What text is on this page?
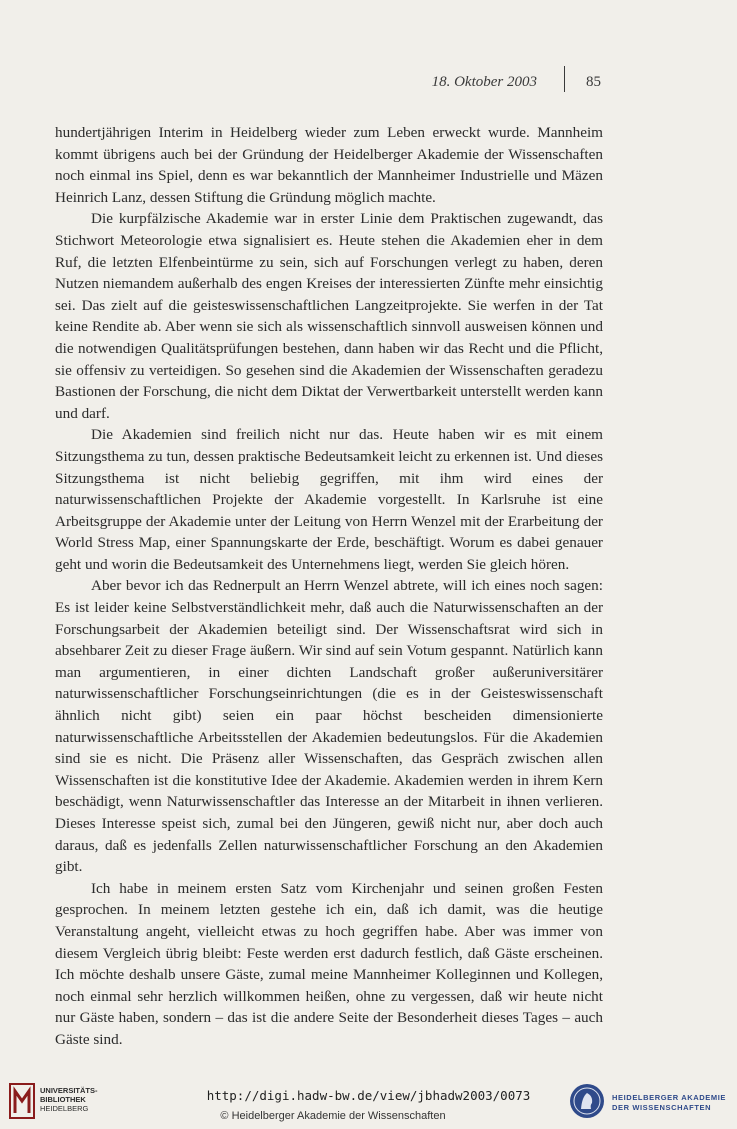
18. Oktober 2003	85

hundertjährigen Interim in Heidelberg wieder zum Leben erweckt wurde. Mannheim kommt übrigens auch bei der Gründung der Heidelberger Akademie der Wissenschaften noch einmal ins Spiel, denn es war bekanntlich der Mannheimer Industrielle und Mäzen Heinrich Lanz, dessen Stiftung die Gründung möglich machte.

Die kurpfälzische Akademie war in erster Linie dem Praktischen zugewandt, das Stichwort Meteorologie etwa signalisiert es. Heute stehen die Akademien eher in dem Ruf, die letzten Elfenbeintürme zu sein, sich auf Forschungen verlegt zu haben, deren Nutzen niemandem außerhalb des engen Kreises der interessierten Zünfte mehr einsichtig sei. Das zielt auf die geisteswissenschaftlichen Langzeitprojekte. Sie werfen in der Tat keine Rendite ab. Aber wenn sie sich als wissenschaftlich sinnvoll ausweisen können und die notwendigen Qualitätsprüfungen bestehen, dann haben wir das Recht und die Pflicht, sie offensiv zu verteidigen. So gesehen sind die Akademien der Wissenschaften geradezu Bastionen der Forschung, die nicht dem Diktat der Verwertbarkeit unterstellt werden kann und darf.

Die Akademien sind freilich nicht nur das. Heute haben wir es mit einem Sitzungsthema zu tun, dessen praktische Bedeutsamkeit leicht zu erkennen ist. Und dieses Sitzungsthema ist nicht beliebig gegriffen, mit ihm wird eines der naturwissenschaftlichen Projekte der Akademie vorgestellt. In Karlsruhe ist eine Arbeitsgruppe der Akademie unter der Leitung von Herrn Wenzel mit der Erarbeitung der World Stress Map, einer Spannungskarte der Erde, beschäftigt. Worum es dabei genauer geht und worin die Bedeutsamkeit des Unternehmens liegt, werden Sie gleich hören.

Aber bevor ich das Rednerpult an Herrn Wenzel abtrete, will ich eines noch sagen: Es ist leider keine Selbstverständlichkeit mehr, daß auch die Naturwissenschaften an der Forschungsarbeit der Akademien beteiligt sind. Der Wissenschaftsrat wird sich in absehbarer Zeit zu dieser Frage äußern. Wir sind auf sein Votum gespannt. Natürlich kann man argumentieren, in einer dichten Landschaft großer außeruniversitärer naturwissenschaftlicher Forschungseinrichtungen (die es in der Geisteswissenschaft ähnlich nicht gibt) seien ein paar höchst bescheiden dimensionierte naturwissenschaftliche Arbeitsstellen der Akademien bedeutungslos. Für die Akademien sind sie es nicht. Die Präsenz aller Wissenschaften, das Gespräch zwischen allen Wissenschaften ist die konstitutive Idee der Akademie. Akademien werden in ihrem Kern beschädigt, wenn Naturwissenschaftler das Interesse an der Mitarbeit in ihnen verlieren. Dieses Interesse speist sich, zumal bei den Jüngeren, gewiß nicht nur, aber doch auch daraus, daß es jedenfalls Zellen naturwissenschaftlicher Forschung an den Akademien gibt.

Ich habe in meinem ersten Satz vom Kirchenjahr und seinen großen Festen gesprochen. In meinem letzten gestehe ich ein, daß ich damit, was die heutige Veranstaltung angeht, vielleicht etwas zu hoch gegriffen habe. Aber was immer von diesem Vergleich übrig bleibt: Feste werden erst dadurch festlich, daß Gäste erscheinen. Ich möchte deshalb unsere Gäste, zumal meine Mannheimer Kolleginnen und Kollegen, noch einmal sehr herzlich willkommen heißen, ohne zu vergessen, daß wir heute nicht nur Gäste haben, sondern – das ist die andere Seite der Besonderheit dieses Tages – auch Gäste sind.

UNIVERSITÄTS-
BIBLIOTHEK
HEIDELBERG
http://digi.hadw-bw.de/view/jbhadw2003/0073
© Heidelberger Akademie der Wissenschaften
HEIDELBERGER AKADEMIE
DER WISSENSCHAFTEN
